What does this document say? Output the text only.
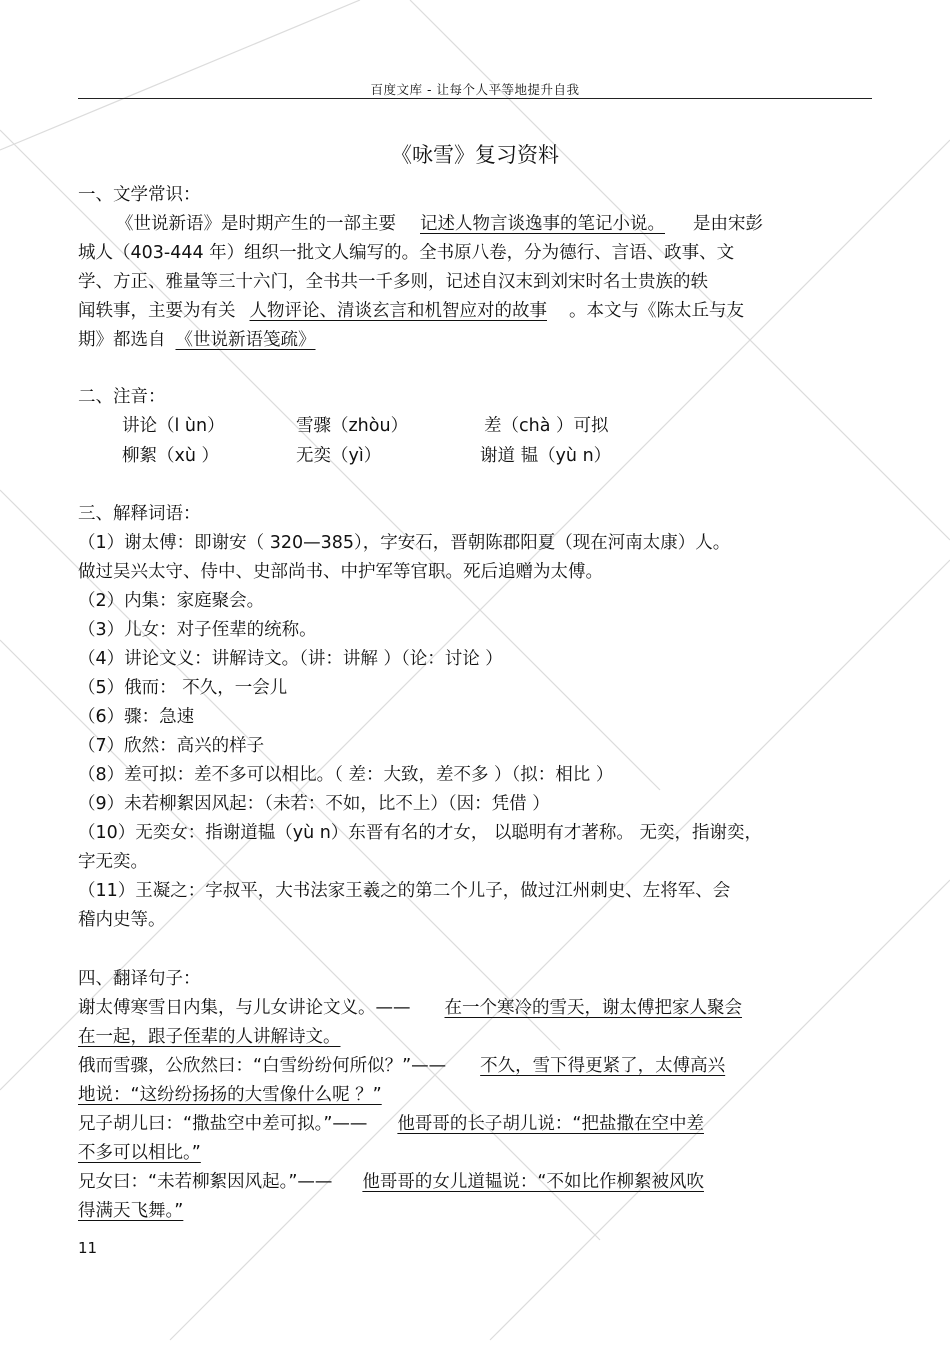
百度文库 - 让每个人平等地提升自我
《咏雪》复习资料
一、文学常识：
《世说新语》是时期产生的一部主要 记述人物言谈逸事的笔记小说。 是由宋彭
城人（403-444 年）组织一批文人编写的。全书原八卷，分为德行、言语、政事、文
学、方正、雅量等三十六门，全书共一千多则，记述自汉末到刘宋时名士贵族的轶
闻轶事，主要为有关 人物评论、清谈玄言和机智应对的故事 。本文与《陈太丘与友
期》都选自 《世说新语笺疏》
二、注音：
讲论（l ùn）	雪骤（zhòu）	差（chà ）可拟
柳絮（xù ）	无奕（yì）	谢道 韫（yù n）
三、解释词语：
（1）谢太傅：即谢安（ 320—385），字安石，晋朝陈郡阳夏（现在河南太康）人。
做过吴兴太守、侍中、史部尚书、中护军等官职。死后追赠为太傅。
（2）内集：家庭聚会。
（3）儿女：对子侄辈的统称。
（4）讲论文义：讲解诗文。（讲：讲解 ）（论：讨论 ）
（5）俄而： 不久，一会儿
（6）骤：急速
（7）欣然：高兴的样子
（8）差可拟：差不多可以相比。（ 差：大致，差不多 ）（拟：相比 ）
（9）未若柳絮因风起：（未若：不如，比不上）（因：凭借 ）
（10）无奕女：指谢道韫（yù n）东晋有名的才女， 以聪明有才著称。 无奕，指谢奕，
字无奕。
（11）王凝之：字叔平，大书法家王羲之的第二个儿子，做过江州刺史、左将军、会
稽内史等。
四、翻译句子：
谢太傅寒雪日内集，与儿女讲论文义。—— 在一个寒冷的雪天，谢太傅把家人聚会
在一起，跟子侄辈的人讲解诗文。
俄而雪骤，公欣然曰：“白雪纷纷何所似？”—— 不久，雪下得更紧了，太傅高兴
地说：“这纷纷扬扬的大雪像什么呢 ？”
兄子胡儿曰：“撒盐空中差可拟。”—— 他哥哥的长子胡儿说：“把盐撒在空中差
不多可以相比。”
兄女曰：“未若柳絮因风起。”—— 他哥哥的女儿道韫说：“不如比作柳絮被风吹
得满天飞舞。”
11
